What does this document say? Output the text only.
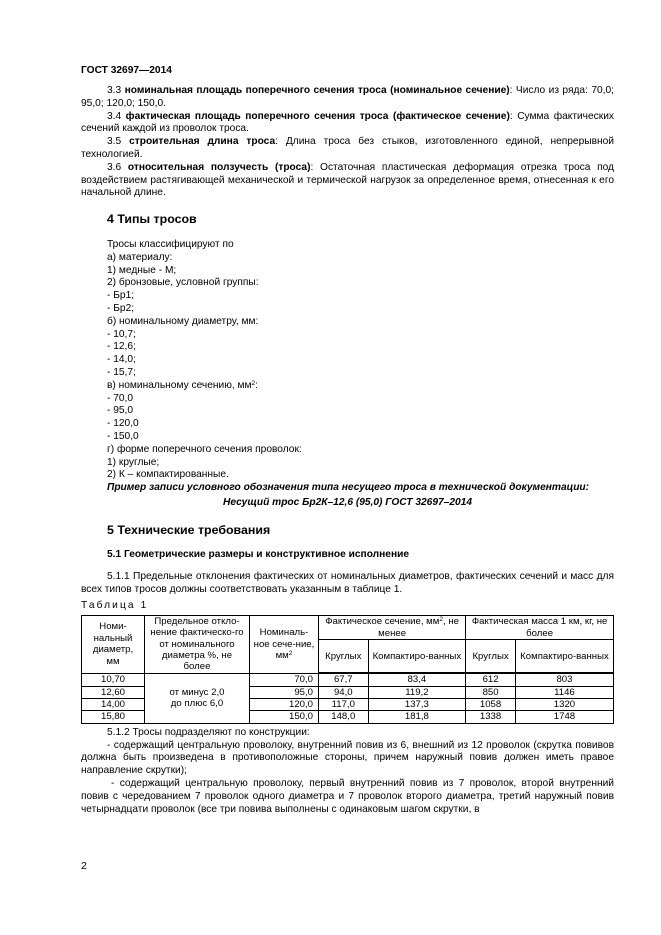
ГОСТ 32697—2014

3.3 номинальная площадь поперечного сечения троса (номинальное сечение): Число из ряда: 70,0; 95,0; 120,0; 150,0.

3.4 фактическая площадь поперечного сечения троса (фактическое сечение): Сумма фактических сечений каждой из проволок троса.

3.5 строительная длина троса: Длина троса без стыков, изготовленного единой, непрерывной технологией.

3.6 относительная ползучесть (троса): Остаточная пластическая деформация отрезка троса под воздействием растягивающей механической и термической нагрузок за определенное время, отнесенная к его начальной длине.

4 Типы тросов

Тросы классифицируют по

а) материалу:

1) медные - М;

2) бронзовые, условной группы:

- Бр1;

- Бр2;

б) номинальному диаметру, мм:

- 10,7;

- 12,6;

- 14,0;

- 15,7;

в) номинальному сечению, $мм^2$:

- 70,0

- 95,0

- 120,0

- 150,0

г) форме поперечного сечения проволок:

1) круглые;

2) К – компактированные.

Пример записи условного обозначения типа несущего троса в технической документации:

Несущий трос Бр2К–12,6 (95,0) ГОСТ 32697–2014

5 Технические требования
5.1 Геометрические размеры и конструктивное исполнение

5.1.1 Предельные отклонения фактических от номинальных диаметров, фактических сечений и масс для всех типов тросов должны соответствовать указанным в таблице 1.

Таблица 1

Номи-нальный диаметр, мм	Предельное откло-нение фактическо-го от номинального диаметра %, не более	Номиналь-ное сече-ние, $мм^2$	Фактическое сечение, $мм^2$, не менее		Фактическая масса 1 км, кг, не более	
			Круглых	Компактиро-ванных	Круглых	Компактиро-ванных
10,70	от минус 2,0
до плюс 6,0	70,0	67,7	83,4	612	803
12,60		95,0	94,0	119,2	850	1146
14,00		120,0	117,0	137,3	1058	1320
15,80		150,0	148,0	181,8	1338	1748

5.1.2 Тросы подразделяют по конструкции:

- содержащий центральную проволоку, внутренний повив из 6, внешний из 12 проволок (скрутка повивов должна быть произведена в противоположные стороны, причем наружный повив должен иметь правое направление скрутки);

- содержащий центральную проволоку, первый внутренний повив из 7 проволок, второй внутренний повив с чередованием 7 проволок одного диаметра и 7 проволок второго диаметра, третий наружный повив четырнадцати проволок (все три повива выполнены с одинаковым шагом скрутки, в

2
